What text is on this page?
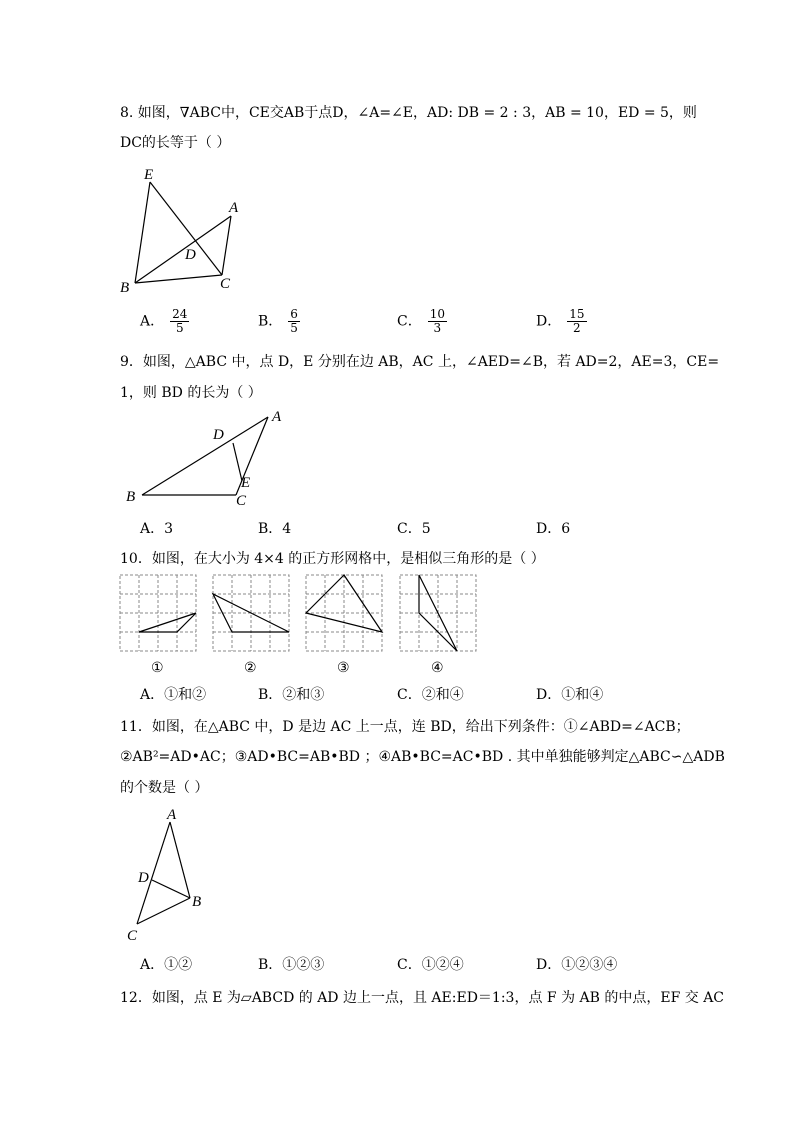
8. 如图，∇ABC中，CE交AB于点D，∠A=∠E，AD: DB = 2 : 3，AB = 10，ED = 5，则
DC的长等于（ ）
E
A
D
B	C
A． $\frac{24}{5}$	B． $\frac{6}{5}$	C． $\frac{10}{3}$	D． $\frac{15}{2}$
9．如图，△ABC 中，点 D，E 分别在边 AB，AC 上，∠AED=∠B，若 AD=2，AE=3，CE=
1，则 BD 的长为（ ）
A
D
B
E
C
A．3	B．4	C．5	D．6
10．如图，在大小为 4×4 的正方形网格中，是相似三角形的是（ ）
①	②	③	④
A．①和②	B．②和③	C．②和④	D．①和④
11．如图，在△ABC 中，D 是边 AC 上一点，连 BD，给出下列条件：①∠ABD=∠ACB；
②AB²=AD•AC；③AD•BC=AB•BD ；④AB•BC=AC•BD . 其中单独能够判定△ABC∽△ADB
的个数是（ ）
A
D
B
C
A．①②	B．①②③	C．①②④	D．①②③④
12．如图，点 E 为▱ABCD 的 AD 边上一点，且 AE:ED＝1:3，点 F 为 AB 的中点，EF 交 AC
